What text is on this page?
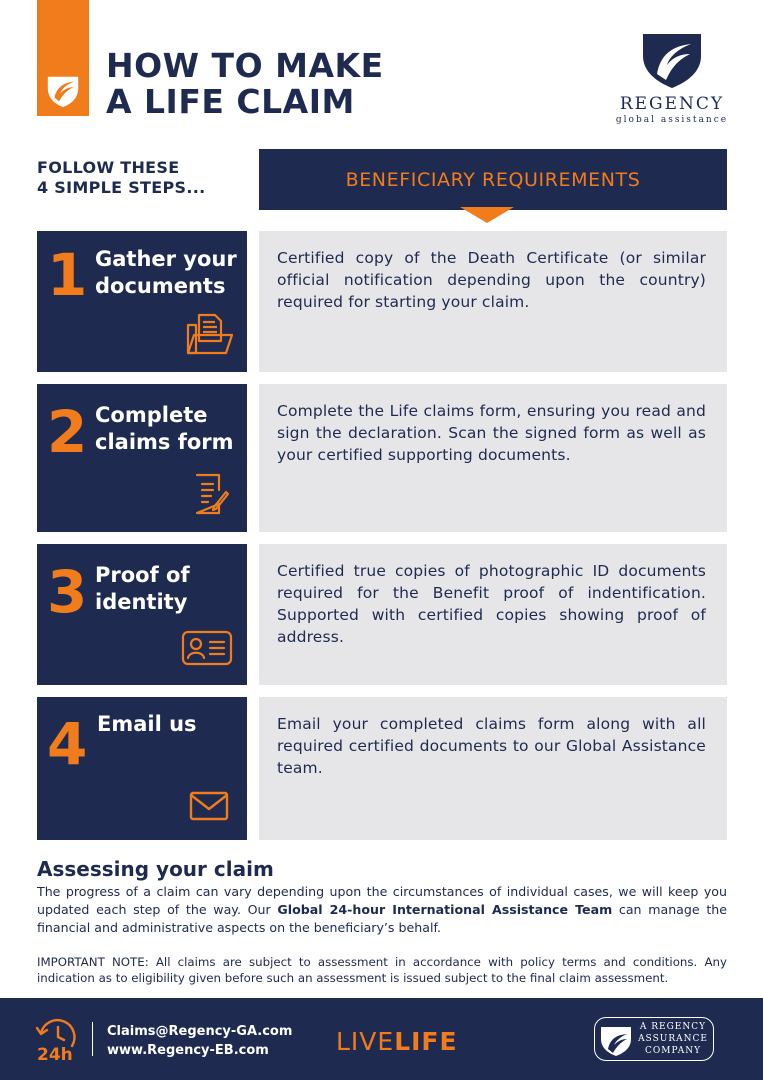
HOW TO MAKE
A LIFE CLAIM	REGENCY
global assistance
FOLLOW THESE
4 SIMPLE STEPS...	BENEFICIARY REQUIREMENTS
1 Gather your
documents

Certified copy of the Death Certificate (or similar official notification depending upon the country) required for starting your claim.

2 Complete
claims form

Complete the Life claims form, ensuring you read and sign the declaration. Scan the signed form as well as your certified supporting documents.

3 Proof of
identity

Certified true copies of photographic ID documents required for the Benefit proof of indentification. Supported with certified copies showing proof of address.

4 Email us	Email your completed claims form along with all required certified documents to our Global Assistance team.

Assessing your claim
The progress of a claim can vary depending upon the circumstances of individual cases, we will keep you updated each step of the way. Our Global 24-hour International Assistance Team can manage the financial and administrative aspects on the beneficiary’s behalf.
IMPORTANT NOTE: All claims are subject to assessment in accordance with policy terms and conditions. Any indication as to eligibility given before such an assessment is issued subject to the final claim assessment.
24h
Claims@Regency-GA.com
www.Regency-EB.com	LIVELIFE	A REGENCY
ASSURANCE
COMPANY
